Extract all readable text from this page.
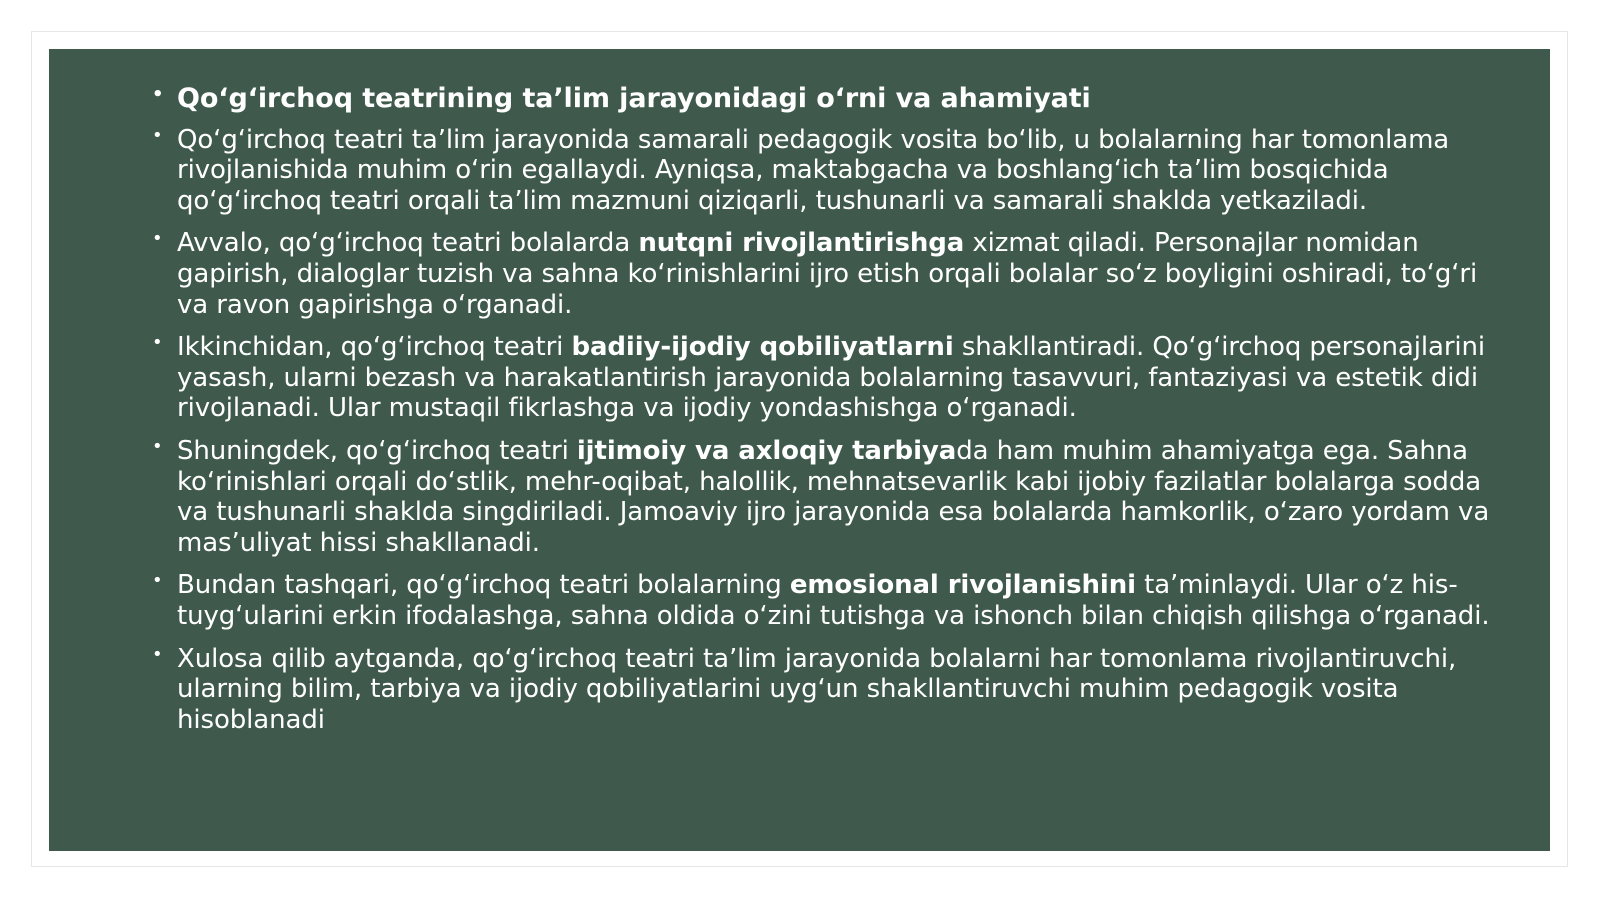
• Qo‘g‘irchoq teatrining ta’lim jarayonidagi o‘rni va ahamiyati
• Qo‘g‘irchoq teatri ta’lim jarayonida samarali pedagogik vosita bo‘lib, u bolalarning har tomonlama rivojlanishida muhim o‘rin egallaydi. Ayniqsa, maktabgacha va boshlang‘ich ta’lim bosqichida qo‘g‘irchoq teatri orqali ta’lim mazmuni qiziqarli, tushunarli va samarali shaklda yetkaziladi.
• Avvalo, qo‘g‘irchoq teatri bolalarda nutqni rivojlantirishga xizmat qiladi. Personajlar nomidan gapirish, dialoglar tuzish va sahna ko‘rinishlarini ijro etish orqali bolalar so‘z boyligini oshiradi, to‘g‘ri va ravon gapirishga o‘rganadi.
• Ikkinchidan, qo‘g‘irchoq teatri badiiy-ijodiy qobiliyatlarni shakllantiradi. Qo‘g‘irchoq personajlarini yasash, ularni bezash va harakatlantirish jarayonida bolalarning tasavvuri, fantaziyasi va estetik didi rivojlanadi. Ular mustaqil fikrlashga va ijodiy yondashishga o‘rganadi.
• Shuningdek, qo‘g‘irchoq teatri ijtimoiy va axloqiy tarbiyada ham muhim ahamiyatga ega. Sahna ko‘rinishlari orqali do‘stlik, mehr-oqibat, halollik, mehnatsevarlik kabi ijobiy fazilatlar bolalarga sodda va tushunarli shaklda singdiriladi. Jamoaviy ijro jarayonida esa bolalarda hamkorlik, o‘zaro yordam va mas’uliyat hissi shakllanadi.
• Bundan tashqari, qo‘g‘irchoq teatri bolalarning emosional rivojlanishini ta’minlaydi. Ular o‘z his-tuyg‘ularini erkin ifodalashga, sahna oldida o‘zini tutishga va ishonch bilan chiqish qilishga o‘rganadi.
• Xulosa qilib aytganda, qo‘g‘irchoq teatri ta’lim jarayonida bolalarni har tomonlama rivojlantiruvchi, ularning bilim, tarbiya va ijodiy qobiliyatlarini uyg‘un shakllantiruvchi muhim pedagogik vosita hisoblanadi
